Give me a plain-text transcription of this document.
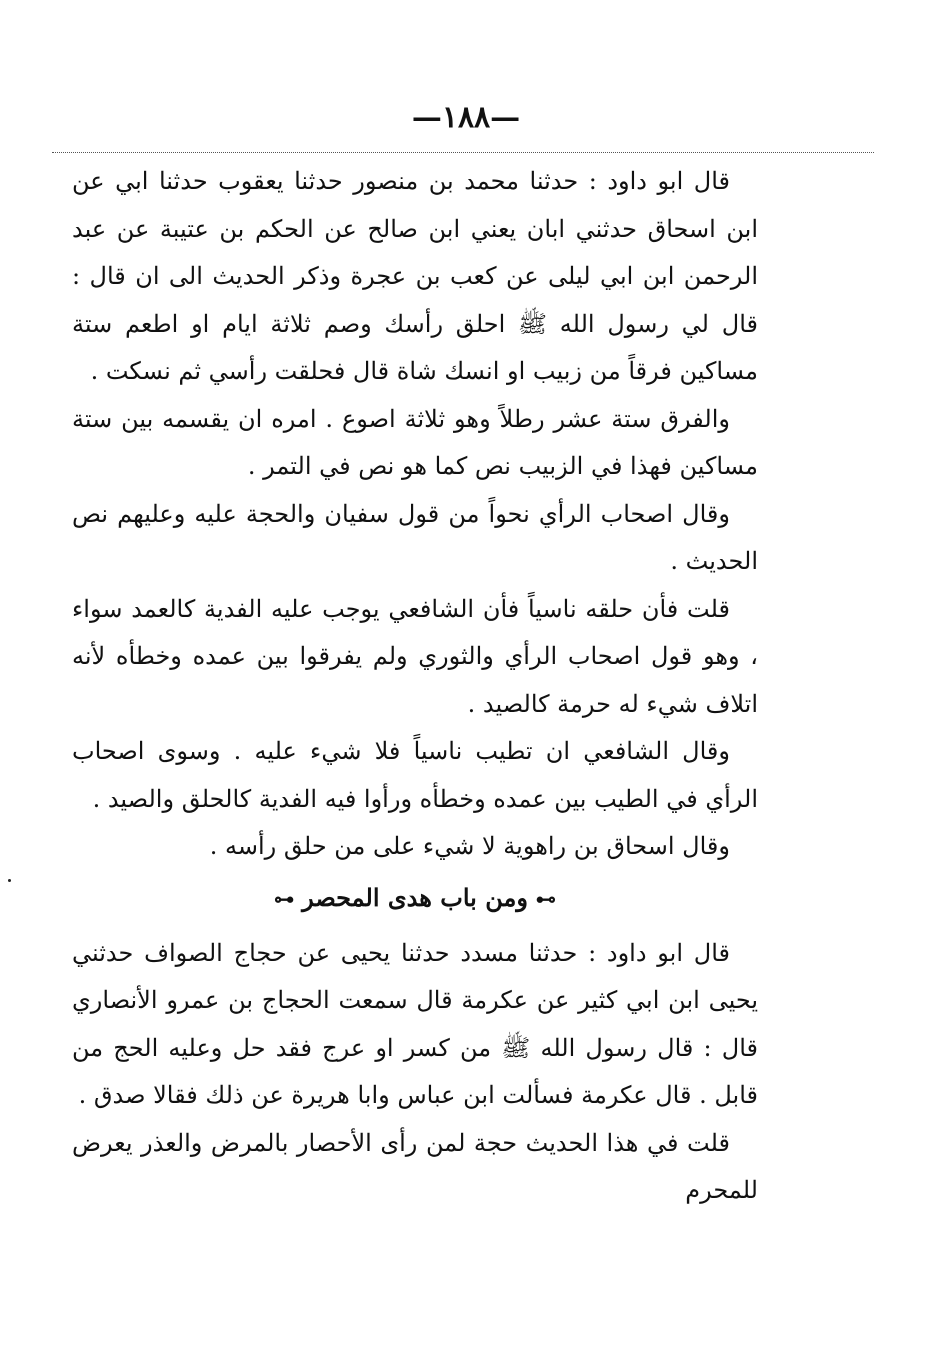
—١٨٨—

قال ابو داود : حدثنا محمد بن منصور حدثنا يعقوب حدثنا ابي عن ابن اسحاق حدثني ابان يعني ابن صالح عن الحكم بن عتيبة عن عبد الرحمن ابن ابي ليلى عن كعب بن عجرة وذكر الحديث الى ان قال : قال لي رسول الله ﷺ احلق رأسك وصم ثلاثة ايام او اطعم ستة مساكين فرقاً من زبيب او انسك شاة قال فحلقت رأسي ثم نسكت .

والفرق ستة عشر رطلاً وهو ثلاثة اصوع . امره ان يقسمه بين ستة مساكين فهذا في الزبيب نص كما هو نص في التمر .

وقال اصحاب الرأي نحواً من قول سفيان والحجة عليه وعليهم نص الحديث .

قلت فأن حلقه ناسياً فأن الشافعي يوجب عليه الفدية كالعمد سواء ، وهو قول اصحاب الرأي والثوري ولم يفرقوا بين عمده وخطأه لأنه اتلاف شيء له حرمة كالصيد .

وقال الشافعي ان تطيب ناسياً فلا شيء عليه . وسوى اصحاب الرأي في الطيب بين عمده وخطأه ورأوا فيه الفدية كالحلق والصيد .

وقال اسحاق بن راهوية لا شيء على من حلق رأسه .

⊶ومن باب هدى المحصر⊷

قال ابو داود : حدثنا مسدد حدثنا يحيى عن حجاج الصواف حدثني يحيى ابن ابي كثير عن عكرمة قال سمعت الحجاج بن عمرو الأنصاري قال : قال رسول الله ﷺ من كسر او عرج فقد حل وعليه الحج من قابل . قال عكرمة فسألت ابن عباس وابا هريرة عن ذلك فقالا صدق .

قلت في هذا الحديث حجة لمن رأى الأحصار بالمرض والعذر يعرض للمحرم
